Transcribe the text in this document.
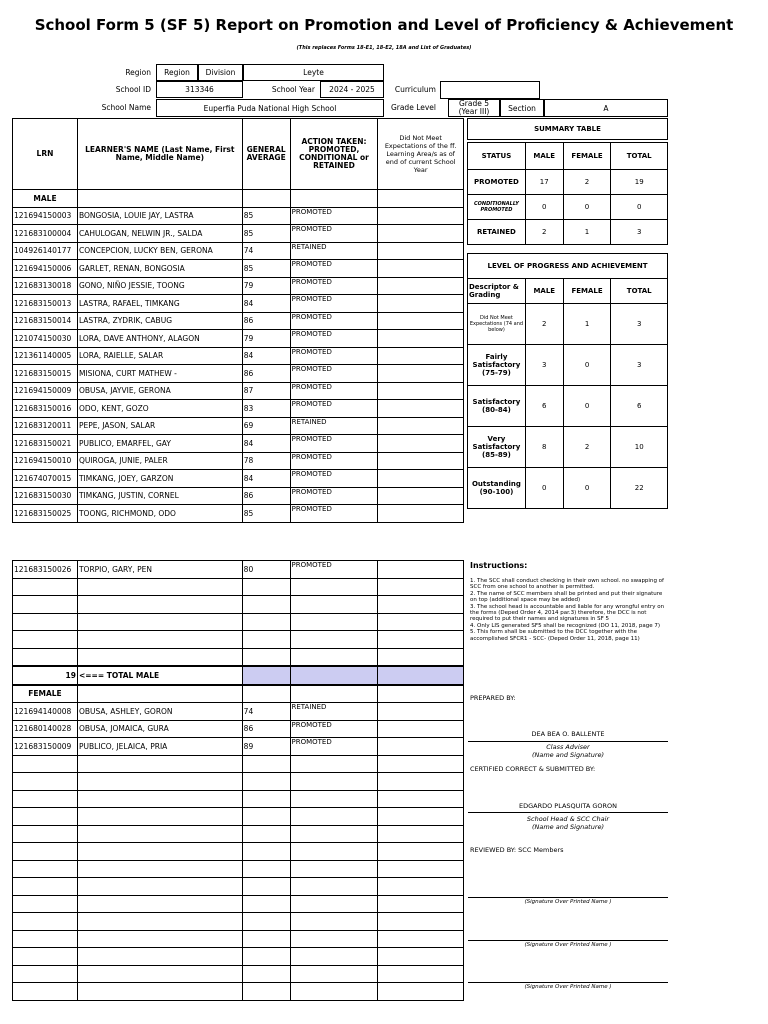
School Form 5 (SF 5) Report on Promotion and Level of Proficiency & Achievement
(This replaces Forms 18-E1, 18-E2, 18A and List of Graduates)
Region	Region	Division	Leyte
School ID	313346	School Year	2024 - 2025	Curriculum
School Name	Euperfia Puda National High School	Grade Level	Grade 5 (Year III)	Section	A
LRN	LEARNER'S NAME (Last Name, First Name, Middle Name)	GENERAL AVERAGE	ACTION TAKEN: PROMOTED, CONDITIONAL or RETAINED	Did Not Meet Expectations of the ff. Learning Area/s as of end of current School Year
MALE				
121694150003	BONGOSIA, LOUIE JAY, LASTRA	85	PROMOTED	
121683100004	CAHULOGAN, NELWIN JR., SALDA	85	PROMOTED	
104926140177	CONCEPCION, LUCKY BEN, GERONA	74	RETAINED	
121694150006	GARLET, RENAN, BONGOSIA	85	PROMOTED	
121683130018	GONO, NIÑO JESSIE, TOONG	79	PROMOTED	
121683150013	LASTRA, RAFAEL, TIMKANG	84	PROMOTED	
121683150014	LASTRA, ZYDRIK, CABUG	86	PROMOTED	
121074150030	LORA, DAVE ANTHONY, ALAGON	79	PROMOTED	
121361140005	LORA, RAIELLE, SALAR	84	PROMOTED	
121683150015	MISIONA, CURT MATHEW -	86	PROMOTED	
121694150009	OBUSA, JAYVIE, GERONA	87	PROMOTED	
121683150016	ODO, KENT, GOZO	83	PROMOTED	
121683120011	PEPE, JASON, SALAR	69	RETAINED	
121683150021	PUBLICO, EMARFEL, GAY	84	PROMOTED	
121694150010	QUIROGA, JUNIE, PALER	78	PROMOTED	
121674070015	TIMKANG, JOEY, GARZON	84	PROMOTED	
121683150030	TIMKANG, JUSTIN, CORNEL	86	PROMOTED	
121683150025	TOONG, RICHMOND, ODO	85	PROMOTED	
121683150026	TORPIO, GARY, PEN	80	PROMOTED	

19	<=== TOTAL MALE			
FEMALE				
121694140008	OBUSA, ASHLEY, GORON	74	RETAINED	
121680140028	OBUSA, JOMAICA, GURA	86	PROMOTED	
121683150009	PUBLICO, JELAICA, PRIA	89	PROMOTED	

SUMMARY TABLE			

STATUS	MALE	FEMALE	TOTAL
PROMOTED	17	2	19
CONDITIONALLY PROMOTED	0	0	0
RETAINED	2	1	3
LEVEL OF PROGRESS AND ACHIEVEMENT			
Descriptor & Grading	MALE	FEMALE	TOTAL
Did Not Meet Expectations (74 and below)	2	1	3
Fairly Satisfactory (75-79)	3	0	3
Satisfactory (80-84)	6	0	6
Very Satisfactory (85-89)	8	2	10
Outstanding (90-100)	0	0	22
Instructions:
1. The SCC shall conduct checking in their own school. no swapping of SCC from one school to another is permitted.
2. The name of SCC members shall be printed and put their signature on top (additional space may be added)
3. The school head is accountable and liable for any wrongful entry on the forms (Deped Order 4, 2014 par.3) therefore, the DCC is not required to put their names and signatures in SF 5
4. Only LIS generated SF5 shall be recognized (DO 11, 2018, page 7)
5. This form shall be submitted to the DCC together with the accomplished SFCR1 - SCC- (Deped Order 11, 2018, page 11)
PREPARED BY:
DEA BEA O. BALLENTE
Class Adviser
(Name and Signature)
CERTIFIED CORRECT & SUBMITTED BY:
EDGARDO PLASQUITA GORON
School Head & SCC Chair
(Name and Signature)
REVIEWED BY: SCC Members
(Signature Over Printed Name )
(Signature Over Printed Name )
(Signature Over Printed Name )
